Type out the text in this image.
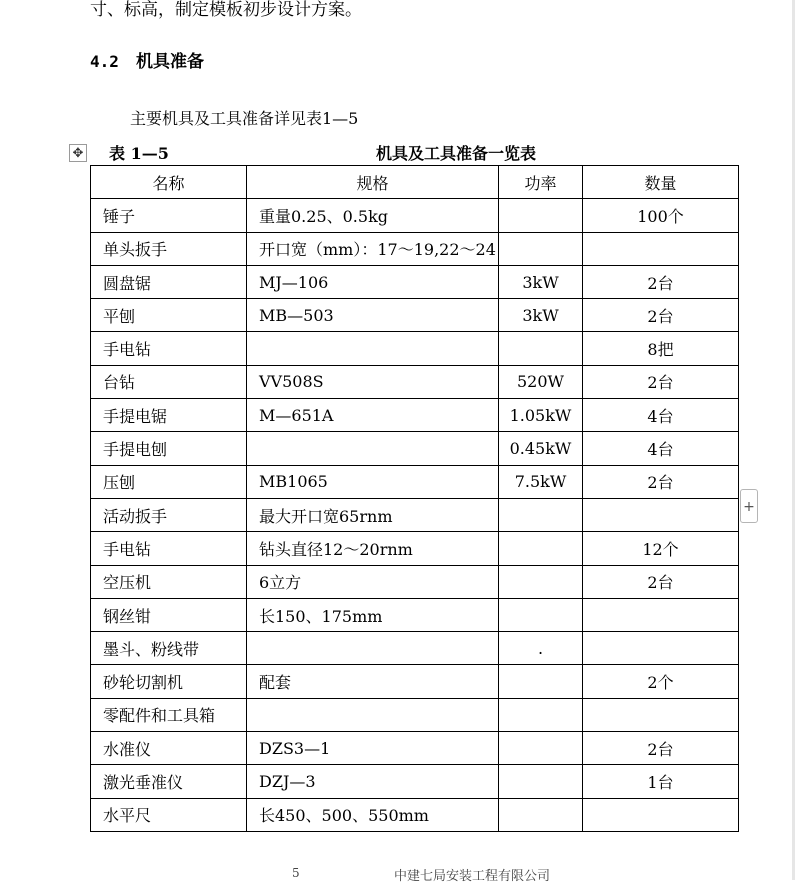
寸、标高，制定模板初步设计方案。
4.2 机具准备
主要机具及工具准备详见表1—5
✥ 表 1—5	机具及工具准备一览表
名称	规格	功率	数量
锤子	重量0.25、0.5kg		100个
单头扳手	开口宽（mm）：17～19,22～24		
圆盘锯	MJ—106	3kW	2台
平刨	MB—503	3kW	2台
手电钻			8把
台钻	VV508S	520W	2台
手提电锯	M—651A	1.05kW	4台
手提电刨		0.45kW	4台
压刨	MB1065	7.5kW	2台
活动扳手	最大开口宽65rnm		
手电钻	钻头直径12～20rnm		12个
空压机	6立方		2台
钢丝钳	长150、175mm		
墨斗、粉线带		.	
砂轮切割机	配套		2个
零配件和工具箱			
水准仪	DZS3—1		2台
激光垂准仪	DZJ—3		1台
水平尺	长450、500、550mm		
+
5	中建七局安装工程有限公司
